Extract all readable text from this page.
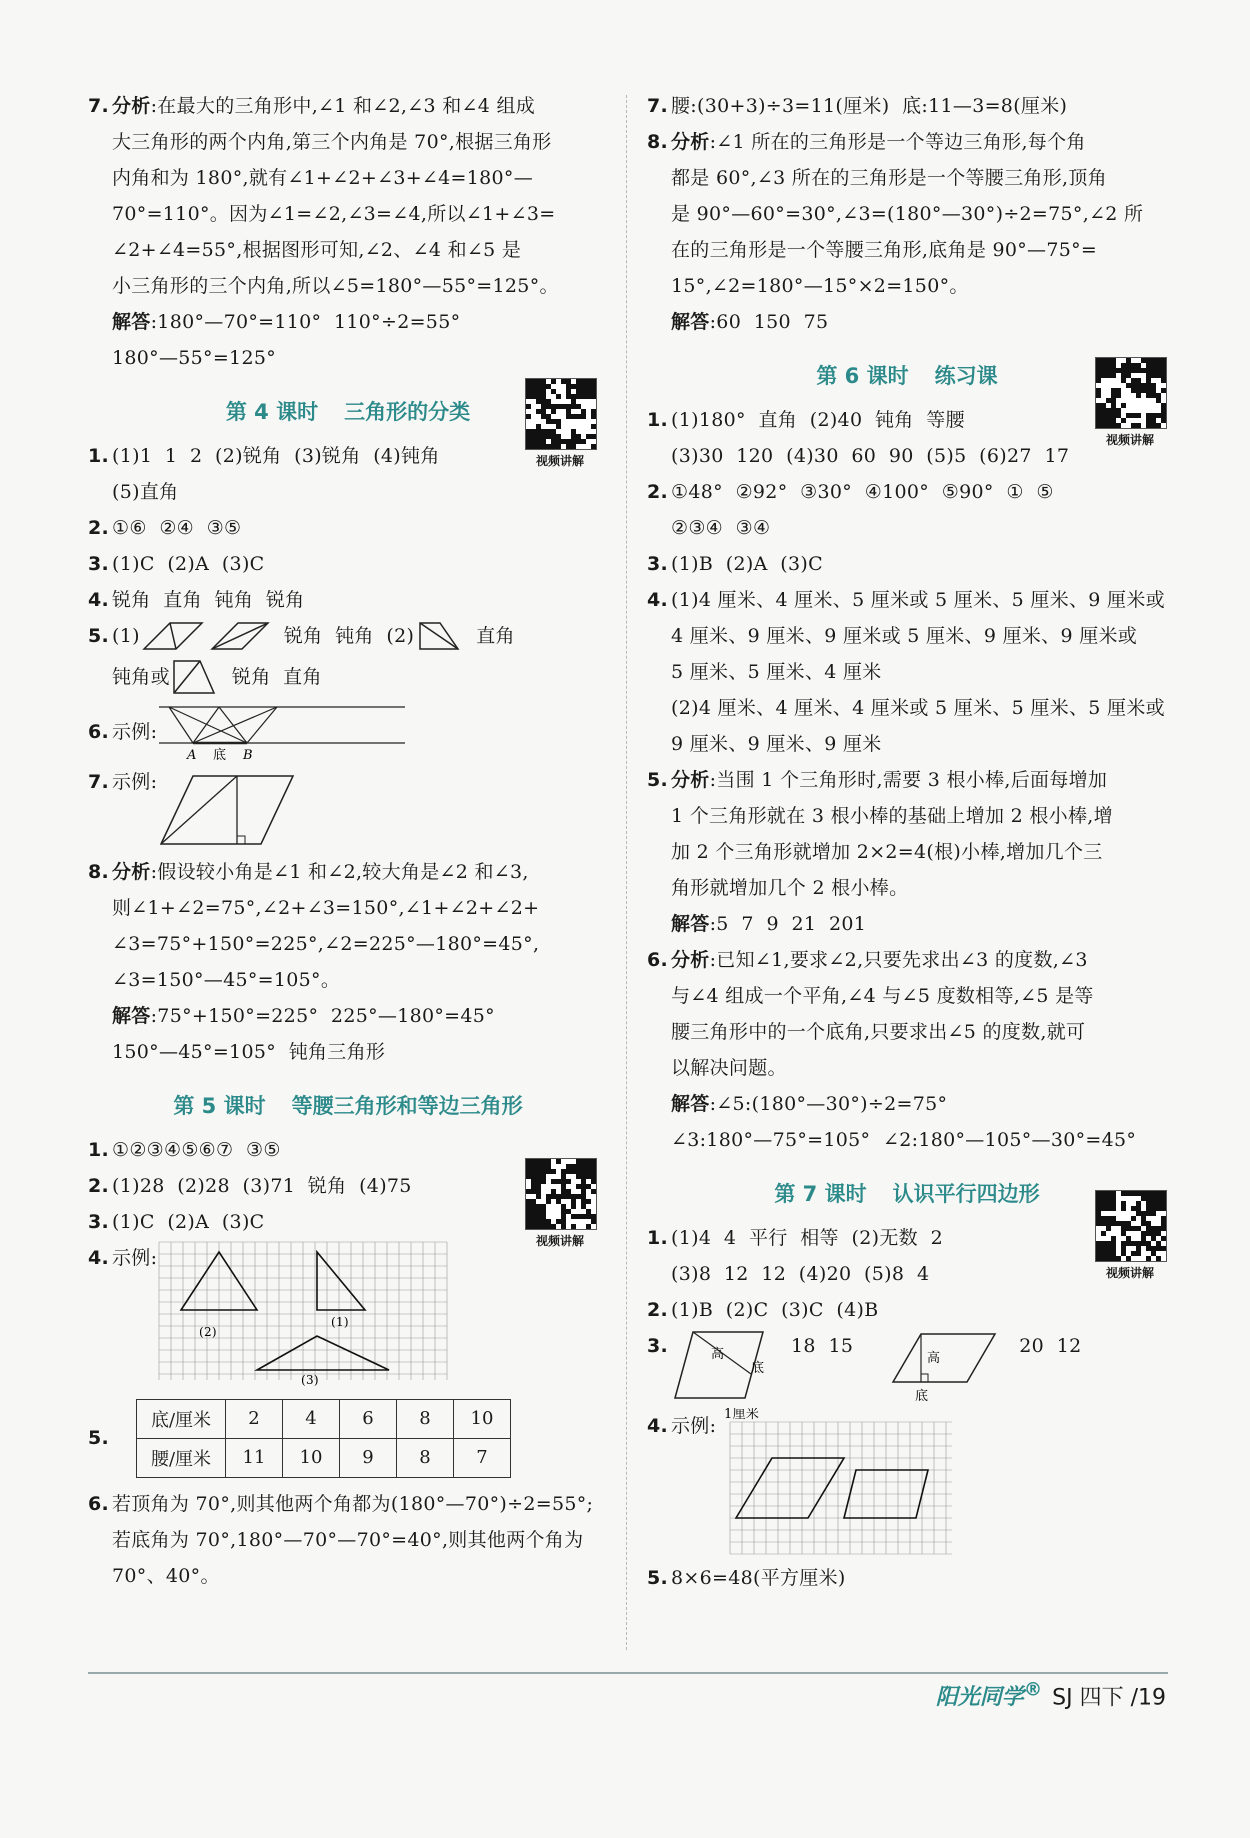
7. 分析:在最大的三角形中,∠1 和∠2,∠3 和∠4 组成
大三角形的两个内角,第三个内角是 70°,根据三角形
内角和为 180°,就有∠1+∠2+∠3+∠4=180°—
70°=110°。因为∠1=∠2,∠3=∠4,所以∠1+∠3=
∠2+∠4=55°,根据图形可知,∠2、∠4 和∠5 是
小三角形的三个内角,所以∠5=180°—55°=125°。
解答:180°—70°=110°  110°÷2=55°
180°—55°=125°
第 4 课时 三角形的分类
1. (1)1  1  2  (2)锐角  (3)锐角  (4)钝角
(5)直角
2. ①⑥  ②④  ③⑤
3. (1)C  (2)A  (3)C
4. 锐角  直角  钝角  锐角
5. (1)	锐角  钝角  (2)	直角
钝角或	锐角  直角
6. 示例:
A 底 B
7. 示例:
8. 分析:假设较小角是∠1 和∠2,较大角是∠2 和∠3,
则∠1+∠2=75°,∠2+∠3=150°,∠1+∠2+∠2+
∠3=75°+150°=225°,∠2=225°—180°=45°,
∠3=150°—45°=105°。
解答:75°+150°=225°  225°—180°=45°
150°—45°=105°  钝角三角形
第 5 课时 等腰三角形和等边三角形
1. ①②③④⑤⑥⑦  ③⑤
2. (1)28  (2)28  (3)71  锐角  (4)75
3. (1)C  (2)A  (3)C
4. 示例:
(1)
(2)
(3)
5.
底/厘米	2	4	6	8	10
腰/厘米	11	10	9	8	7
6. 若顶角为 70°,则其他两个角都为(180°—70°)÷2=55°;
若底角为 70°,180°—70°—70°=40°,则其他两个角为
70°、40°。
视频讲解
视频讲解
7. 腰:(30+3)÷3=11(厘米)  底:11—3=8(厘米)
8. 分析:∠1 所在的三角形是一个等边三角形,每个角
都是 60°,∠3 所在的三角形是一个等腰三角形,顶角
是 90°—60°=30°,∠3=(180°—30°)÷2=75°,∠2 所
在的三角形是一个等腰三角形,底角是 90°—75°=
15°,∠2=180°—15°×2=150°。
解答:60  150  75
第 6 课时 练习课
1. (1)180°  直角  (2)40  钝角  等腰
(3)30  120  (4)30  60  90  (5)5  (6)27  17
2. ①48°  ②92°  ③30°  ④100°  ⑤90°  ①  ⑤
②③④  ③④
3. (1)B  (2)A  (3)C
4. (1)4 厘米、4 厘米、5 厘米或 5 厘米、5 厘米、9 厘米或
4 厘米、9 厘米、9 厘米或 5 厘米、9 厘米、9 厘米或
5 厘米、5 厘米、4 厘米
(2)4 厘米、4 厘米、4 厘米或 5 厘米、5 厘米、5 厘米或
9 厘米、9 厘米、9 厘米
5. 分析:当围 1 个三角形时,需要 3 根小棒,后面每增加
1 个三角形就在 3 根小棒的基础上增加 2 根小棒,增
加 2 个三角形就增加 2×2=4(根)小棒,增加几个三
角形就增加几个 2 根小棒。
解答:5  7  9  21  201
6. 分析:已知∠1,要求∠2,只要先求出∠3 的度数,∠3
与∠4 组成一个平角,∠4 与∠5 度数相等,∠5 是等
腰三角形中的一个底角,只要求出∠5 的度数,就可
以解决问题。
解答:∠5:(180°—30°)÷2=75°
∠3:180°—75°=105°  ∠2:180°—105°—30°=45°
第 7 课时 认识平行四边形
1. (1)4  4  平行  相等  (2)无数  2
(3)8  12  12  (4)20  (5)8  4
2. (1)B  (2)C  (3)C  (4)B
3.	高
底
18  15
高
底
20  12
4. 示例:
1厘米
5. 8×6=48(平方厘米)
视频讲解
视频讲解
阳光同学® SJ 四下 /19
